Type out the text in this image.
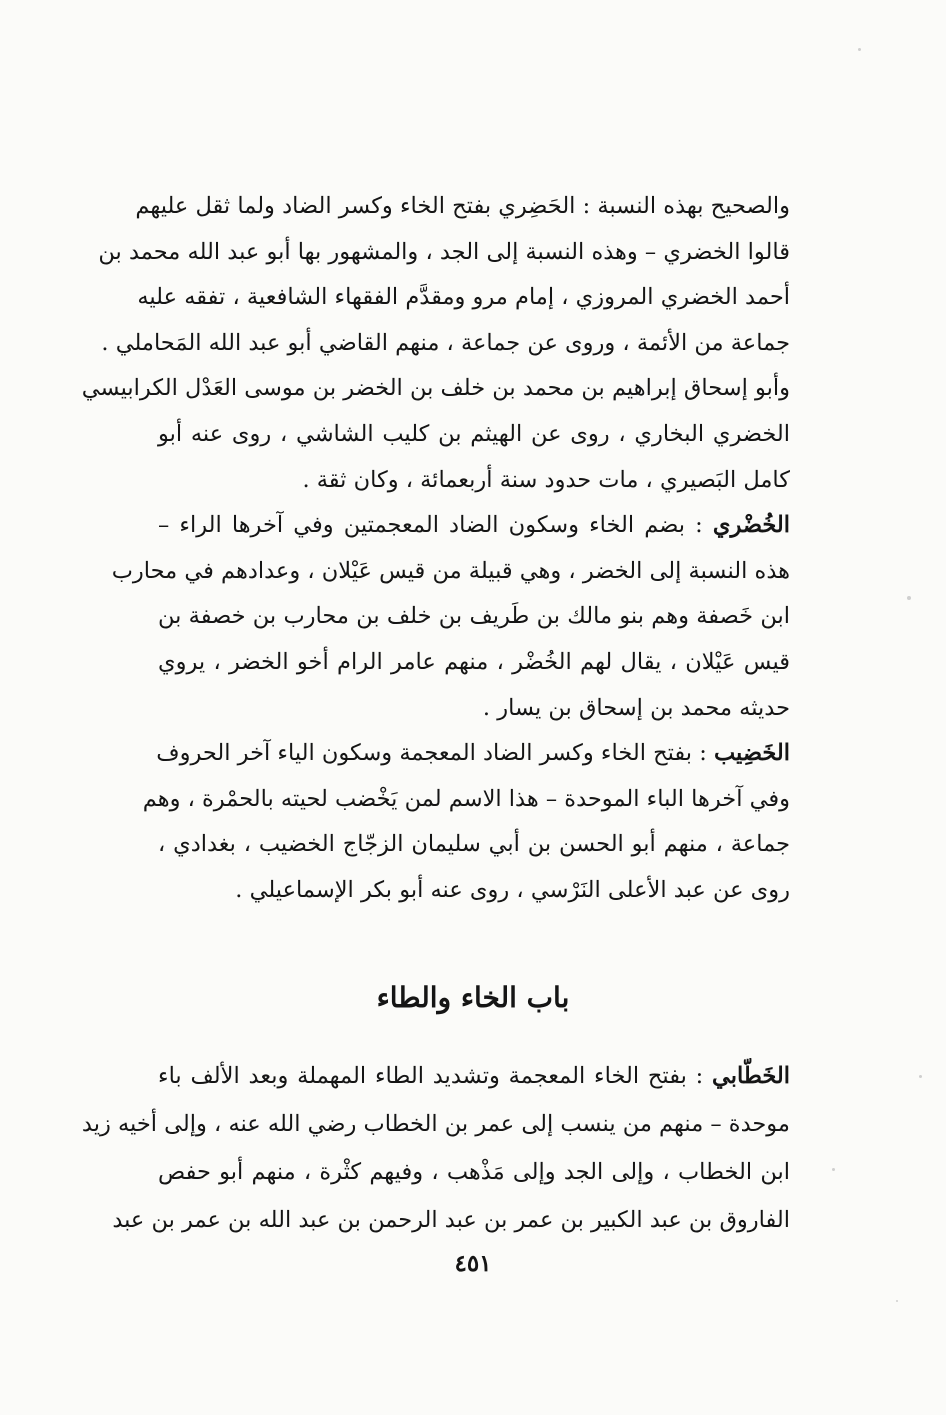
والصحيح بهذه النسبة : الحَضِري بفتح الخاء وكسر الضاد ولما ثقل عليهم
قالوا الخضري – وهذه النسبة إلى الجد ، والمشهور بها أبو عبد الله محمد بن
أحمد الخضري المروزي ، إمام مرو ومقدَّم الفقهاء الشافعية ، تفقه عليه
جماعة من الأئمة ، وروى عن جماعة ، منهم القاضي أبو عبد الله المَحاملي .
وأبو إسحاق إبراهيم بن محمد بن خلف بن الخضر بن موسى العَدْل الكرابيسي
الخضري البخاري ، روى عن الهيثم بن كليب الشاشي ، روى عنه أبو
كامل البَصيري ، مات حدود سنة أربعمائة ، وكان ثقة .
الخُضْري : بضم الخاء وسكون الضاد المعجمتين وفي آخرها الراء –
هذه النسبة إلى الخضر ، وهي قبيلة من قيس عَيْلان ، وعدادهم في محارب
ابن خَصفة وهم بنو مالك بن طَريف بن خلف بن محارب بن خصفة بن
قيس عَيْلان ، يقال لهم الخُضْر ، منهم عامر الرام أخو الخضر ، يروي
حديثه محمد بن إسحاق بن يسار .
الخَضِيب : بفتح الخاء وكسر الضاد المعجمة وسكون الياء آخر الحروف
وفي آخرها الباء الموحدة – هذا الاسم لمن يَخْضب لحيته بالحمْرة ، وهم
جماعة ، منهم أبو الحسن بن أبي سليمان الزجّاج الخضيب ، بغدادي ،
روى عن عبد الأعلى النَرْسي ، روى عنه أبو بكر الإسماعيلي .
باب الخاء والطاء
الخَطّابي : بفتح الخاء المعجمة وتشديد الطاء المهملة وبعد الألف باء
موحدة – منهم من ينسب إلى عمر بن الخطاب رضي الله عنه ، وإلى أخيه زيد
ابن الخطاب ، وإلى الجد وإلى مَذْهب ، وفيهم كثْرة ، منهم أبو حفص
الفاروق بن عبد الكبير بن عمر بن عبد الرحمن بن عبد الله بن عمر بن عبد
٤٥١
